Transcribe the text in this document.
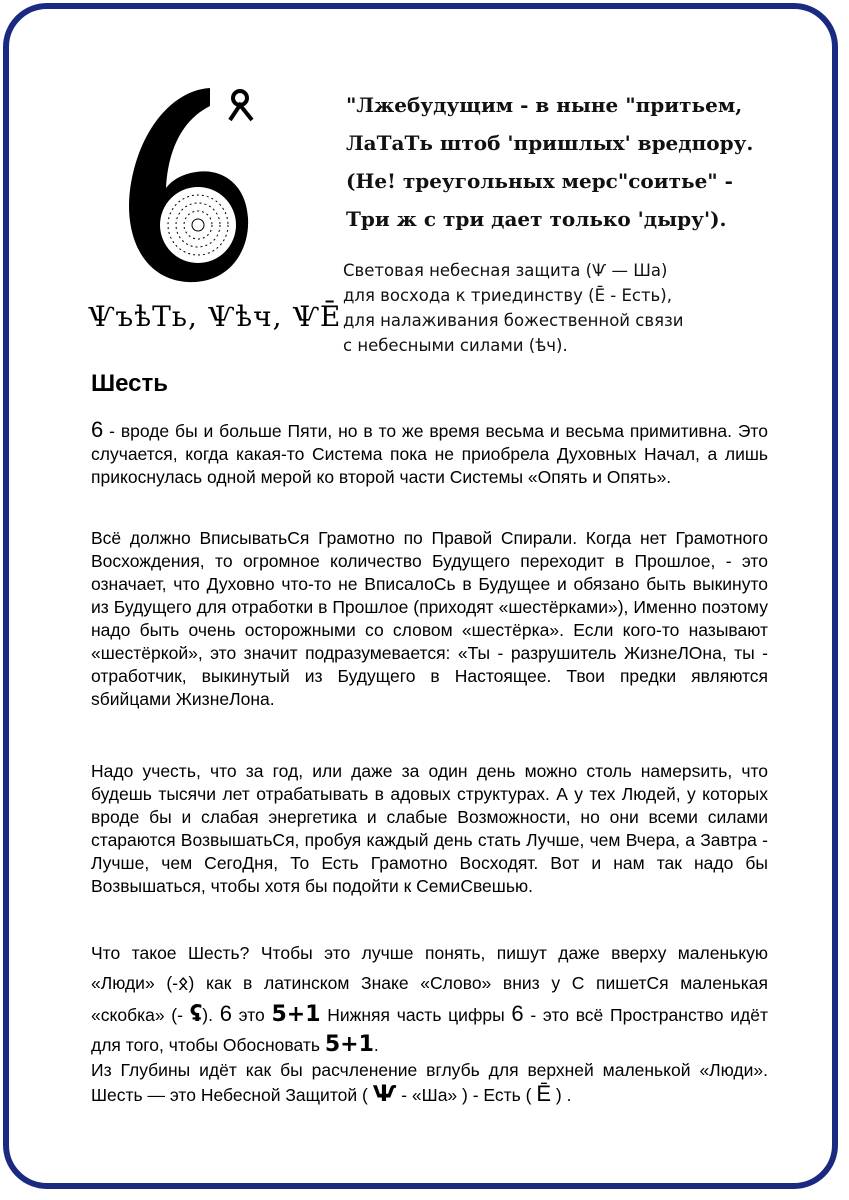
ѰъѣТь, Ѱѣч, ѰĒ
"Лжебудущим - в ныне "притьем,
ЛаТаТь штоб 'пришлых' вредпору.
(Не! треугольных мерс"соитье" -
Три ж с три дает только 'дыру').
Световая небесная защита (Ѱ — Ша)
для восхода к триединству (Ē - Есть),
для налаживания божественной связи
с небесными силами (ѣч).
Шесть
6 - вроде бы и больше Пяти, но в то же время весьма и весьма примитивна. Это случается, когда какая-то Система пока не приобрела Духовных Начал, а лишь прикоснулась одной мерой ко второй части Системы «Опять и Опять».
Всё должно ВписыватьСя Грамотно по Правой Спирали. Когда нет Грамотного Восхождения, то огромное количество Будущего переходит в Прошлое, - это означает, что Духовно что-то не ВписалоСь в Будущее и обязано быть выкинуто из Будущего для отработки в Прошлое (приходят «шестёрками»), Именно поэтому надо быть очень осторожными со словом «шестёрка». Если кого-то называют «шестёркой», это значит подразумевается: «Ты - разрушитель ЖизнеЛОна, ты - отработчик, выкинутый из Будущего в Настоящее. Твои предки являются sбийцами ЖизнеЛона.
Надо учесть, что за год, или даже за один день можно столь намерsить, что будешь тысячи лет отрабатывать в адовых структурах. А у тех Людей, у которых вроде бы и слабая энергетика и слабые Возможности, но они всеми силами стараются ВозвышатьСя, пробуя каждый день стать Лучше, чем Вчера, а Завтра - Лучше, чем СегоДня, То Есть Грамотно Восходят. Вот и нам так надо бы Возвышаться, чтобы хотя бы подойти к СемиСвешью.
Что такое Шесть? Чтобы это лучше понять, пишут даже вверху маленькую «Люди» (-ᛟ) как в латинском Знаке «Слово» вниз у С пишетСя маленькая «скобка» (- ʢ). 6 это 5+1 Нижняя часть цифры 6 - это всё Пространство идёт для того, чтобы Обосновать 5+1.
Из Глубины идёт как бы расчленение вглубь для верхней маленькой «Люди». Шесть — это Небесной Защитой ( Ѱ - «Ша» ) - Есть ( Ē ) .
